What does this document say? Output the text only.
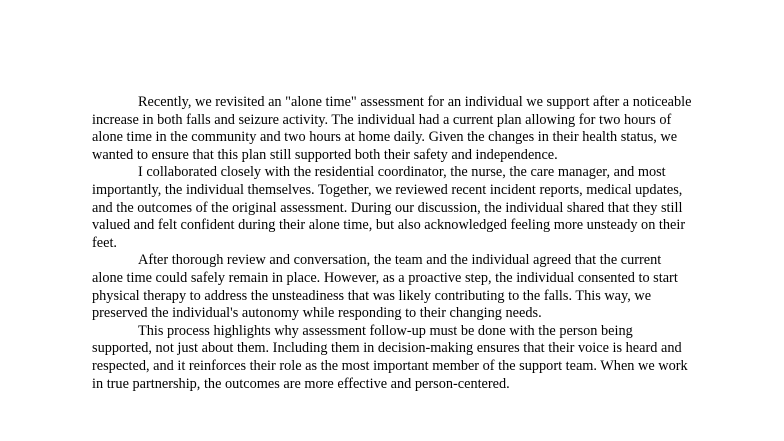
Recently, we revisited an "alone time" assessment for an individual we support after a noticeable increase in both falls and seizure activity. The individual had a current plan allowing for two hours of alone time in the community and two hours at home daily. Given the changes in their health status, we wanted to ensure that this plan still supported both their safety and independence.

I collaborated closely with the residential coordinator, the nurse, the care manager, and most importantly, the individual themselves. Together, we reviewed recent incident reports, medical updates, and the outcomes of the original assessment. During our discussion, the individual shared that they still valued and felt confident during their alone time, but also acknowledged feeling more unsteady on their feet.

After thorough review and conversation, the team and the individual agreed that the current alone time could safely remain in place. However, as a proactive step, the individual consented to start physical therapy to address the unsteadiness that was likely contributing to the falls. This way, we preserved the individual's autonomy while responding to their changing needs.

This process highlights why assessment follow-up must be done with the person being supported, not just about them. Including them in decision-making ensures that their voice is heard and respected, and it reinforces their role as the most important member of the support team. When we work in true partnership, the outcomes are more effective and person-centered.
